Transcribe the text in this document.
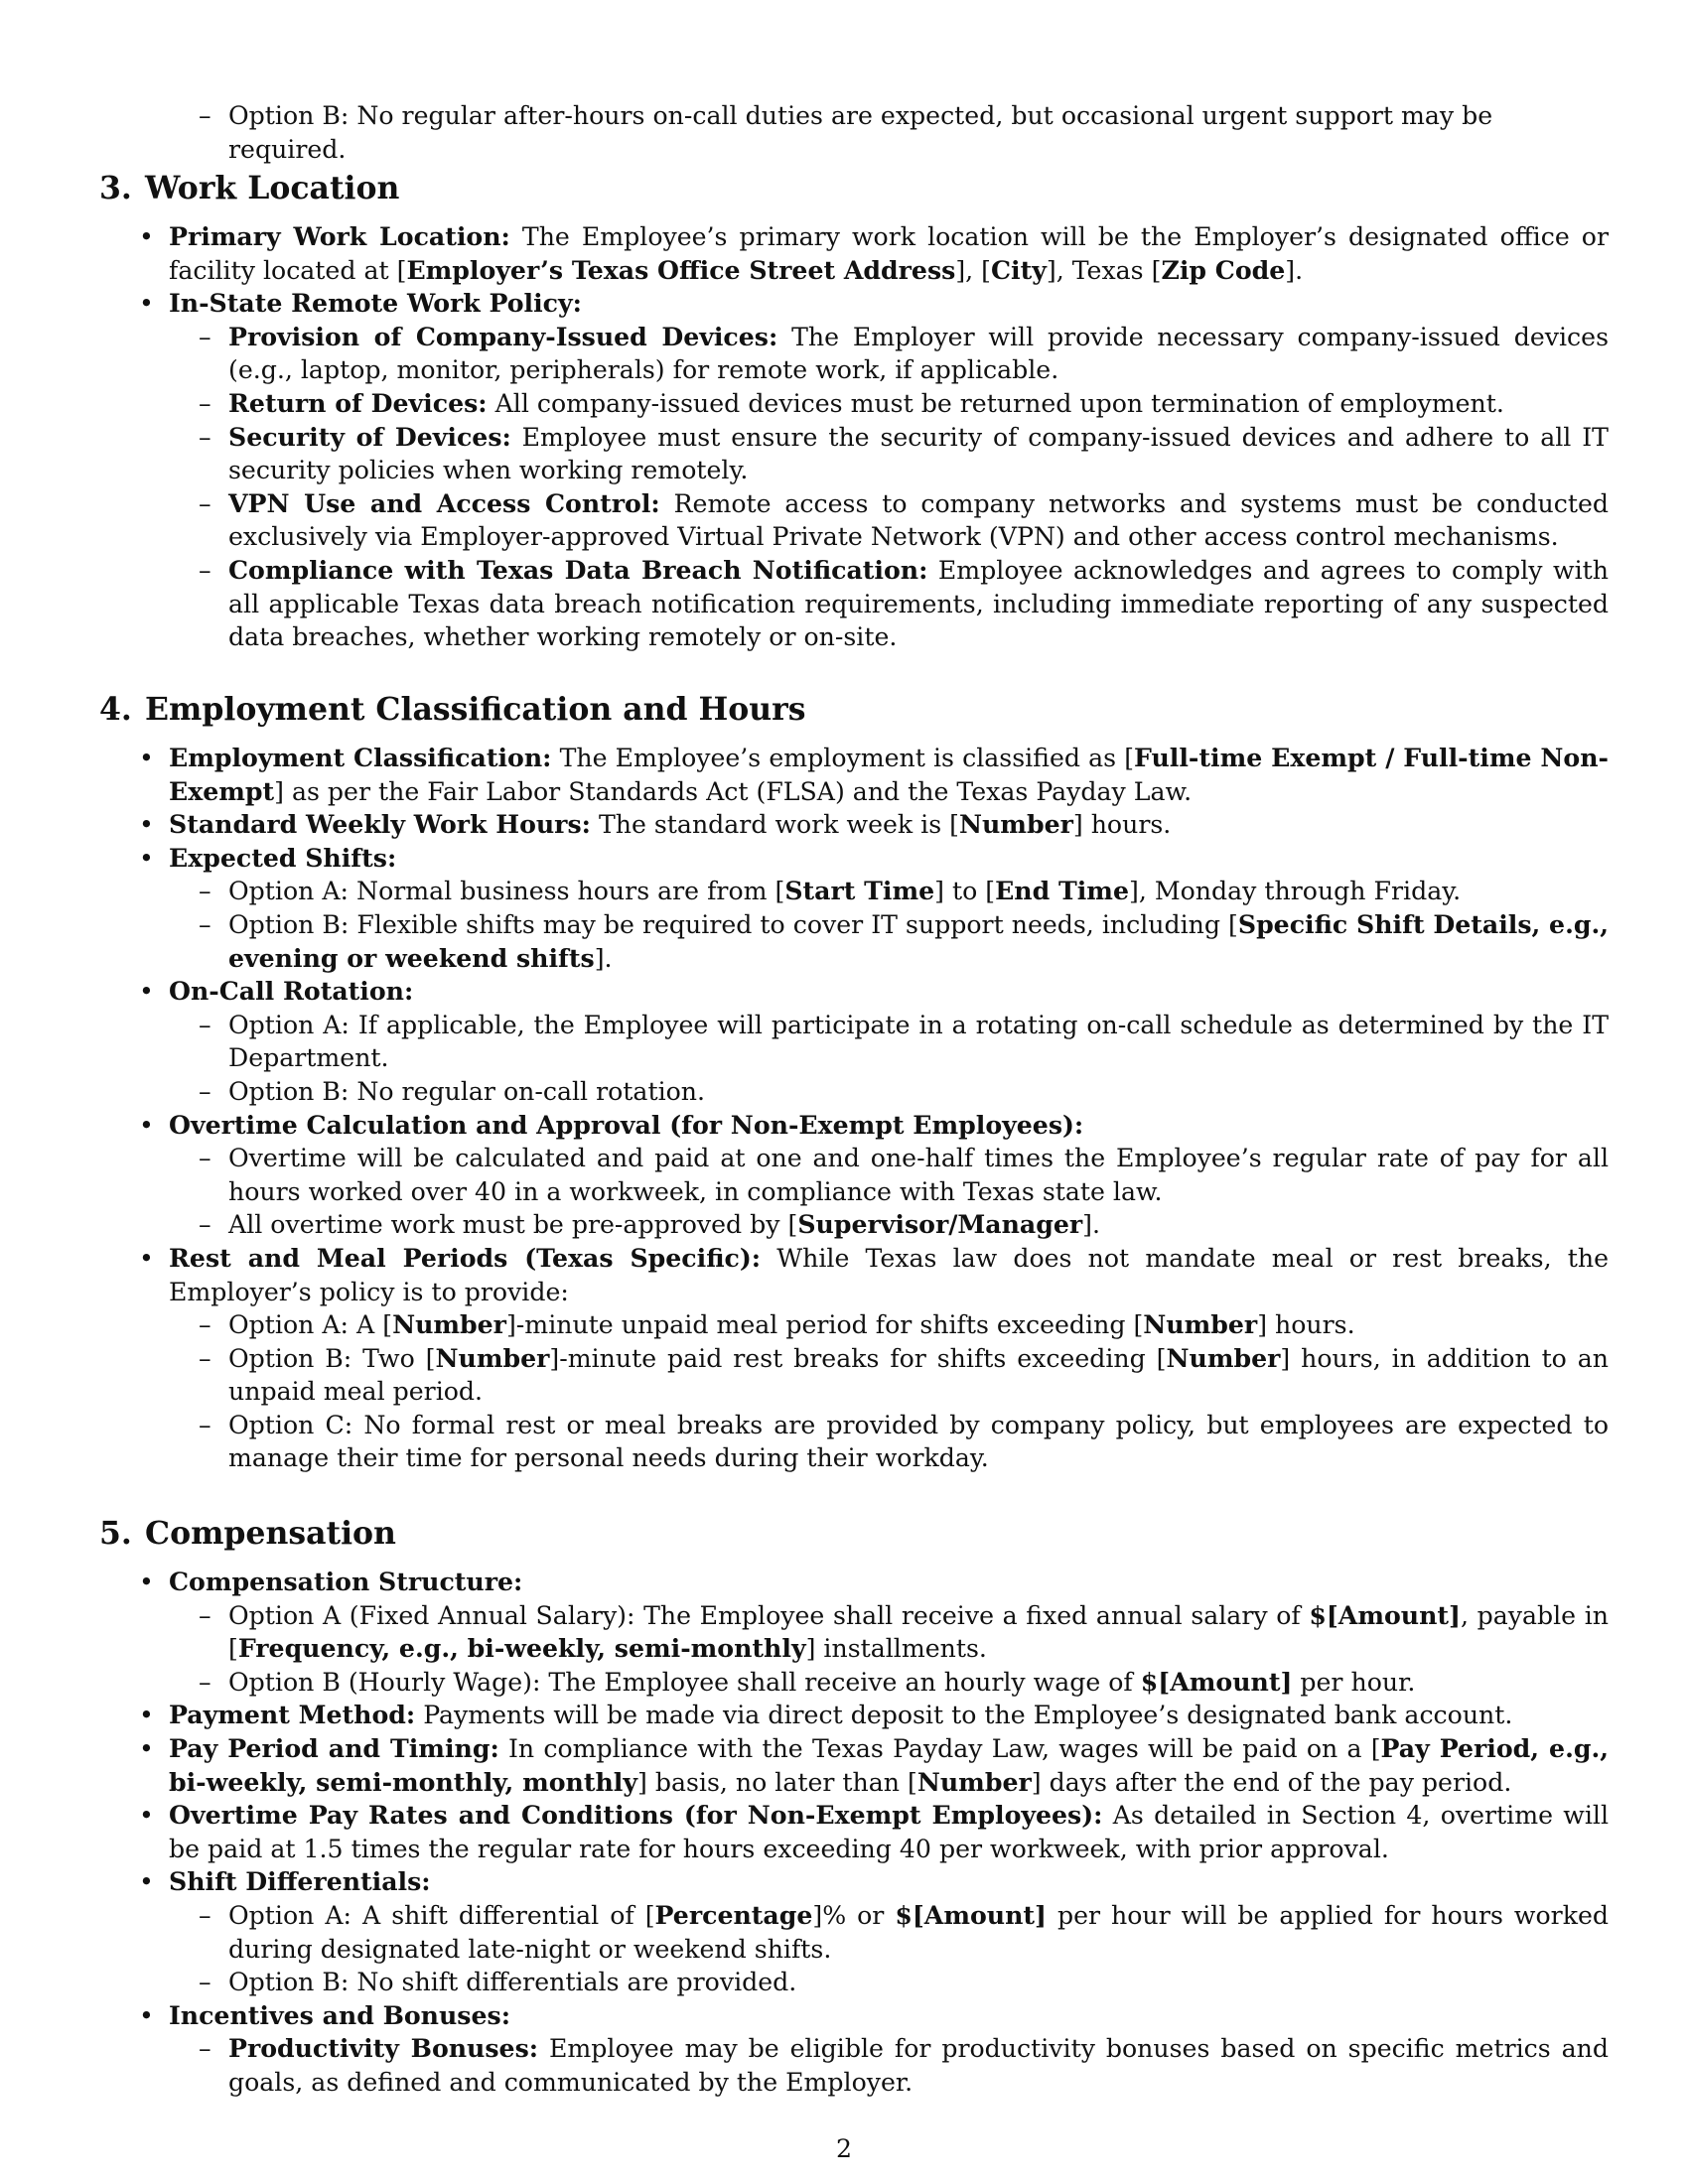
– Option B: No regular after-hours on-call duties are expected, but occasional urgent support may be required.
3. Work Location
• Primary Work Location: The Employee’s primary work location will be the Employer’s designated office or facility located at [Employer’s Texas Office Street Address], [City], Texas [Zip Code].
• In-State Remote Work Policy:
– Provision of Company-Issued Devices: The Employer will provide necessary company-issued devices (e.g., laptop, monitor, peripherals) for remote work, if applicable.
– Return of Devices: All company-issued devices must be returned upon termination of employment.
– Security of Devices: Employee must ensure the security of company-issued devices and adhere to all IT security policies when working remotely.
– VPN Use and Access Control: Remote access to company networks and systems must be conducted exclusively via Employer-approved Virtual Private Network (VPN) and other access control mechanisms.
– Compliance with Texas Data Breach Notification: Employee acknowledges and agrees to comply with all applicable Texas data breach notification requirements, including immediate reporting of any suspected data breaches, whether working remotely or on-site.
4. Employment Classification and Hours
• Employment Classification: The Employee’s employment is classified as [Full-time Exempt / Full-time Non-Exempt] as per the Fair Labor Standards Act (FLSA) and the Texas Payday Law.
• Standard Weekly Work Hours: The standard work week is [Number] hours.
• Expected Shifts:
– Option A: Normal business hours are from [Start Time] to [End Time], Monday through Friday.
– Option B: Flexible shifts may be required to cover IT support needs, including [Specific Shift Details, e.g., evening or weekend shifts].
• On-Call Rotation:
– Option A: If applicable, the Employee will participate in a rotating on-call schedule as determined by the IT Department.
– Option B: No regular on-call rotation.
• Overtime Calculation and Approval (for Non-Exempt Employees):
– Overtime will be calculated and paid at one and one-half times the Employee’s regular rate of pay for all hours worked over 40 in a workweek, in compliance with Texas state law.
– All overtime work must be pre-approved by [Supervisor/Manager].
• Rest and Meal Periods (Texas Specific): While Texas law does not mandate meal or rest breaks, the Employer’s policy is to provide:
– Option A: A [Number]-minute unpaid meal period for shifts exceeding [Number] hours.
– Option B: Two [Number]-minute paid rest breaks for shifts exceeding [Number] hours, in addition to an unpaid meal period.
– Option C: No formal rest or meal breaks are provided by company policy, but employees are expected to manage their time for personal needs during their workday.
5. Compensation
• Compensation Structure:
– Option A (Fixed Annual Salary): The Employee shall receive a fixed annual salary of $[Amount], payable in [Frequency, e.g., bi-weekly, semi-monthly] installments.
– Option B (Hourly Wage): The Employee shall receive an hourly wage of $[Amount] per hour.
• Payment Method: Payments will be made via direct deposit to the Employee’s designated bank account.
• Pay Period and Timing: In compliance with the Texas Payday Law, wages will be paid on a [Pay Period, e.g., bi-weekly, semi-monthly, monthly] basis, no later than [Number] days after the end of the pay period.
• Overtime Pay Rates and Conditions (for Non-Exempt Employees): As detailed in Section 4, overtime will be paid at 1.5 times the regular rate for hours exceeding 40 per workweek, with prior approval.
• Shift Differentials:
– Option A: A shift differential of [Percentage]% or $[Amount] per hour will be applied for hours worked during designated late-night or weekend shifts.
– Option B: No shift differentials are provided.
• Incentives and Bonuses:
– Productivity Bonuses: Employee may be eligible for productivity bonuses based on specific metrics and goals, as defined and communicated by the Employer.
2
